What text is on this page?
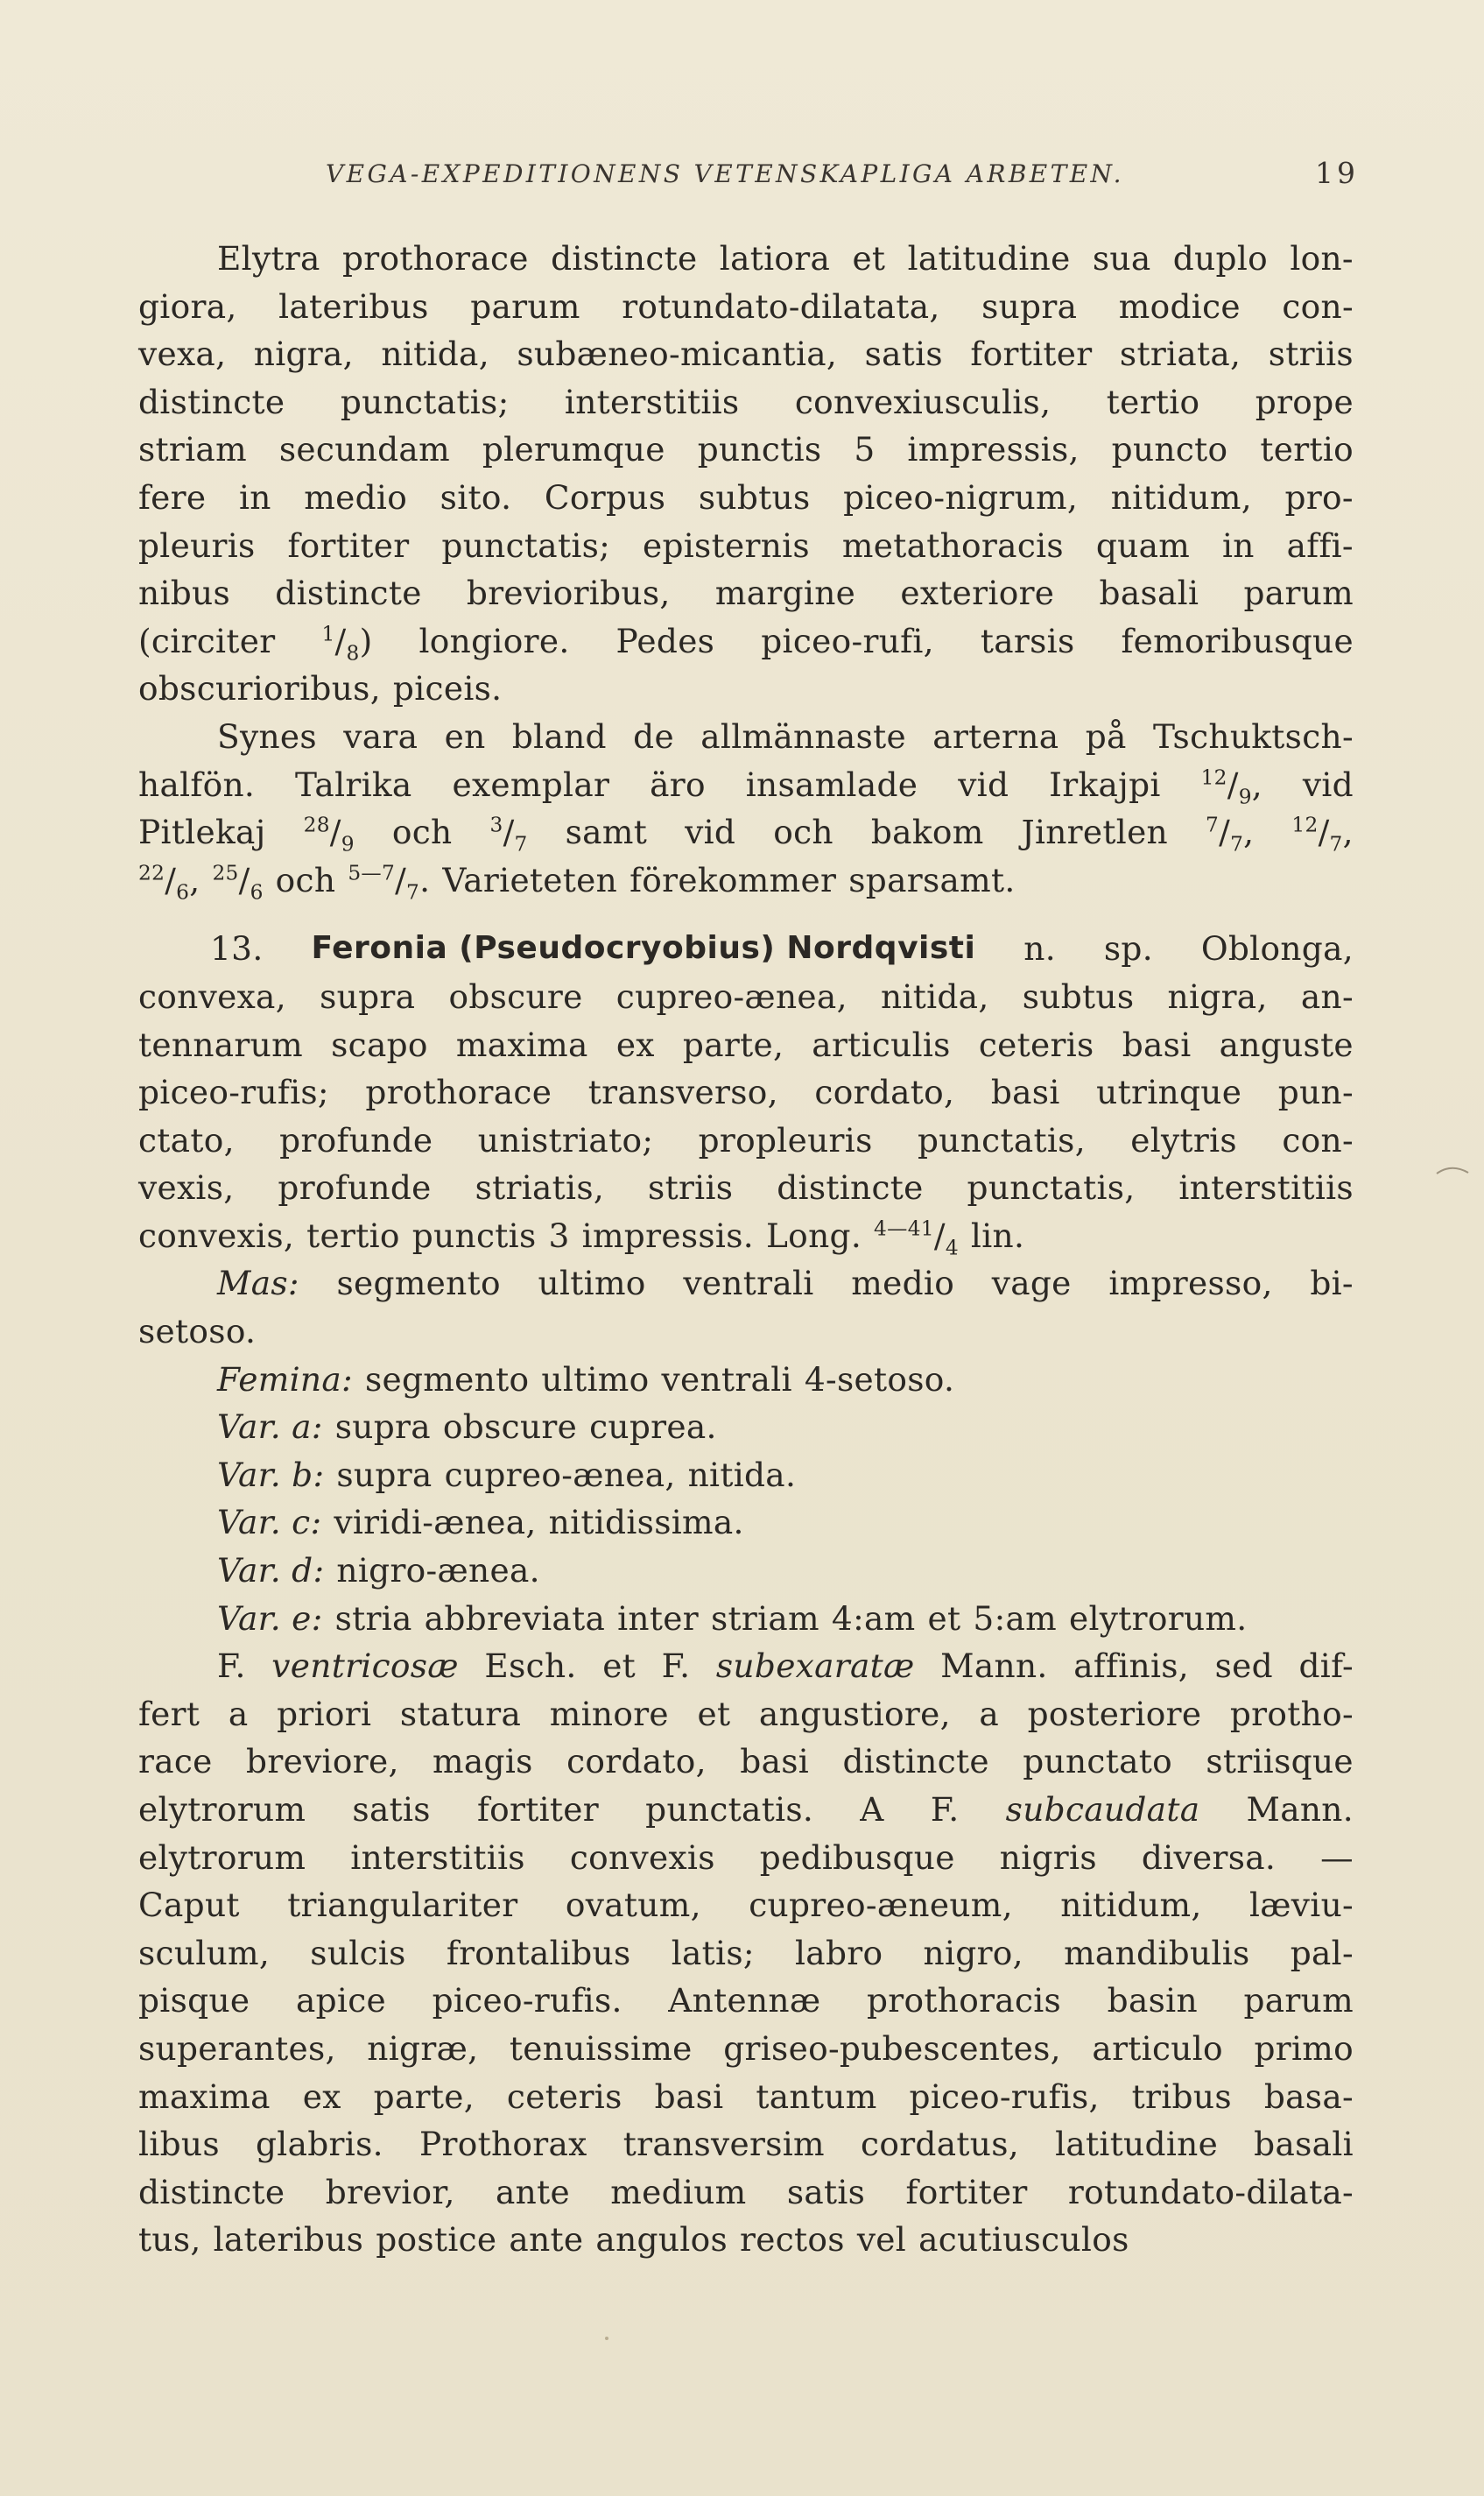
VEGA-EXPEDITIONENS VETENSKAPLIGA ARBETEN.	19
Elytra prothorace distincte latiora et latitudine sua duplo lon-
giora, lateribus parum rotundato-dilatata, supra modice con-
vexa, nigra, nitida, subæneo-micantia, satis fortiter striata, striis
distincte punctatis; interstitiis convexiusculis, tertio prope
striam secundam plerumque punctis 5 impressis, puncto tertio
fere in medio sito. Corpus subtus piceo-nigrum, nitidum, pro-
pleuris fortiter punctatis; episternis metathoracis quam in affi-
nibus distincte brevioribus, margine exteriore basali parum
(circiter $^1/_8$) longiore. Pedes piceo-rufi, tarsis femoribusque
obscurioribus, piceis.
Synes vara en bland de allmännaste arterna på Tschuktsch-
halfön. Talrika exemplar äro insamlade vid Irkajpi $^{12}/_9$, vid
Pitlekaj $^{28}/_9$ och $^3/_7$ samt vid och bakom Jinretlen $^7/_7$, $^{12}/_7$,
$^{22}/_6$, $^{25}/_6$ och $^{5—7}/_7$. Varieteten förekommer sparsamt.
13. Feronia (Pseudocryobius) Nordqvisti n. sp. Oblonga,
convexa, supra obscure cupreo-ænea, nitida, subtus nigra, an-
tennarum scapo maxima ex parte, articulis ceteris basi anguste
piceo-rufis; prothorace transverso, cordato, basi utrinque pun-
ctato, profunde unistriato; propleuris punctatis, elytris con-
vexis, profunde striatis, striis distincte punctatis, interstitiis
convexis, tertio punctis 3 impressis. Long. $^{4—41}/_4$ lin.
Mas: segmento ultimo ventrali medio vage impresso, bi-
setoso.
Femina: segmento ultimo ventrali 4-setoso.
Var. a: supra obscure cuprea.
Var. b: supra cupreo-ænea, nitida.
Var. c: viridi-ænea, nitidissima.
Var. d: nigro-ænea.
Var. e: stria abbreviata inter striam 4:am et 5:am elytrorum.
F. ventricosæ Esch. et F. subexaratæ Mann. affinis, sed dif-
fert a priori statura minore et angustiore, a posteriore protho-
race breviore, magis cordato, basi distincte punctato striisque
elytrorum satis fortiter punctatis. A F. subcaudata Mann.
elytrorum interstitiis convexis pedibusque nigris diversa. —
Caput triangulariter ovatum, cupreo-æneum, nitidum, læviu-
sculum, sulcis frontalibus latis; labro nigro, mandibulis pal-
pisque apice piceo-rufis. Antennæ prothoracis basin parum
superantes, nigræ, tenuissime griseo-pubescentes, articulo primo
maxima ex parte, ceteris basi tantum piceo-rufis, tribus basa-
libus glabris. Prothorax transversim cordatus, latitudine basali
distincte brevior, ante medium satis fortiter rotundato-dilata-
tus, lateribus postice ante angulos rectos vel acutiusculos
